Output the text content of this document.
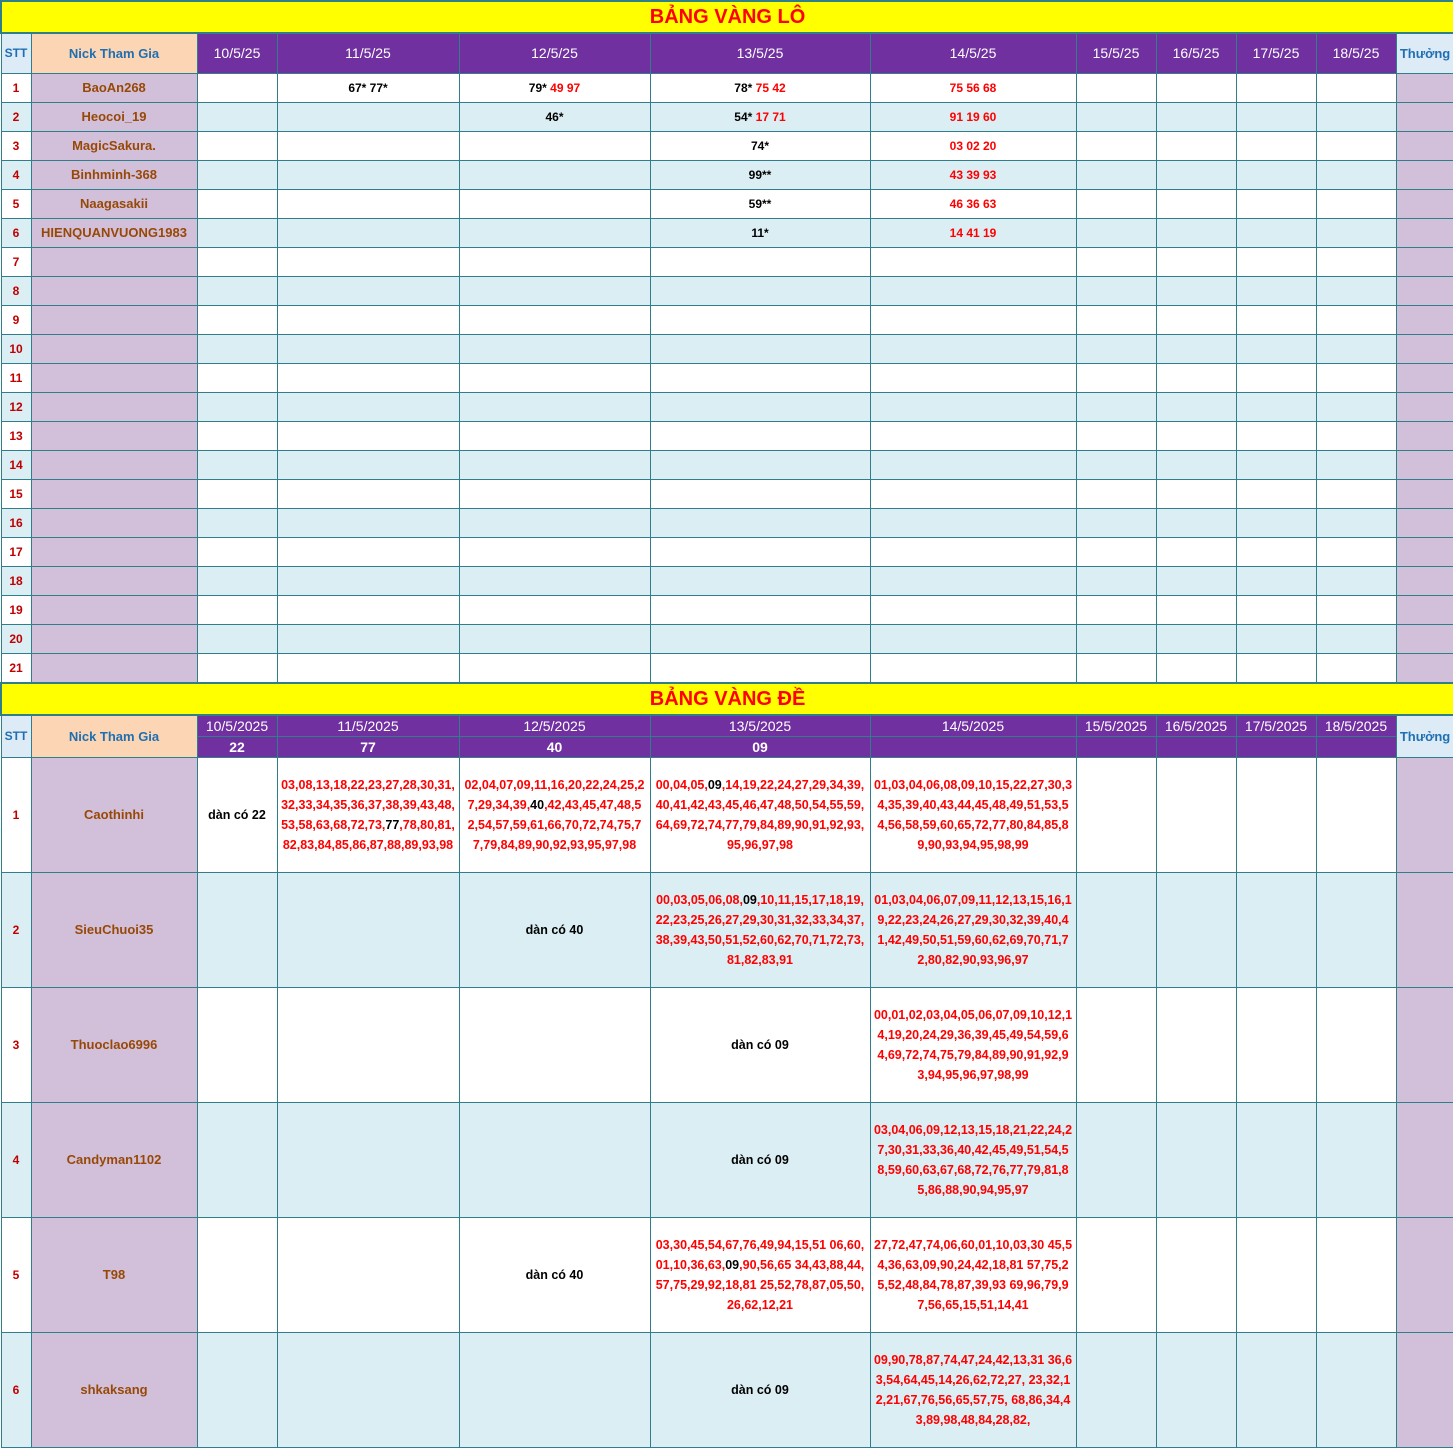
BẢNG VÀNG LÔ											
STT	Nick Tham Gia	10/5/25	11/5/25	12/5/25	13/5/25	14/5/25	15/5/25	16/5/25	17/5/25	18/5/25	Thưởng
1	BaoAn268		67* 77*	79* 49 97	78* 75 42	75 56 68					

2	Heocoi_19			46*	54* 17 71	91 19 60					

3	MagicSakura.				74*	03 02 20					

4	Binhminh-368				99**	43 39 93					

5	Naagasakii				59**	46 36 63					

6	HIENQUANVUONG1983				11*	14 41 19					

7											
8											
9											
10											
11											
12											
13											
14											
15											
16											
17											
18											
19											
20											
21											
BẢNG VÀNG ĐỀ											
STT	Nick Tham Gia	10/5/2025	11/5/2025	12/5/2025	13/5/2025	14/5/2025	15/5/2025	16/5/2025	17/5/2025	18/5/2025	Thưởng
		22	77	40	09						
1	Caothinhi	dàn có 22	03,08,13,18,22,23,27,28,30,31,32,33,34,35,36,37,38,39,43,48,53,58,63,68,72,73,77,78,80,81,82,83,84,85,86,87,88,89,93,98	02,04,07,09,11,16,20,22,24,25,27,29,34,39,40,42,43,45,47,48,52,54,57,59,61,66,70,72,74,75,77,79,84,89,90,92,93,95,97,98	00,04,05,09,14,19,22,24,27,29,34,39,40,41,42,43,45,46,47,48,50,54,55,59,64,69,72,74,77,79,84,89,90,91,92,93,95,96,97,98	01,03,04,06,08,09,10,15,22,27,30,34,35,39,40,43,44,45,48,49,51,53,54,56,58,59,60,65,72,77,80,84,85,89,90,93,94,95,98,99					

2	SieuChuoi35			dàn có 40	00,03,05,06,08,09,10,11,15,17,18,19,22,23,25,26,27,29,30,31,32,33,34,37,38,39,43,50,51,52,60,62,70,71,72,73,81,82,83,91	01,03,04,06,07,09,11,12,13,15,16,19,22,23,24,26,27,29,30,32,39,40,41,42,49,50,51,59,60,62,69,70,71,72,80,82,90,93,96,97					

3	Thuoclao6996				dàn có 09	00,01,02,03,04,05,06,07,09,10,12,14,19,20,24,29,36,39,45,49,54,59,64,69,72,74,75,79,84,89,90,91,92,93,94,95,96,97,98,99					

4	Candyman1102				dàn có 09	03,04,06,09,12,13,15,18,21,22,24,27,30,31,33,36,40,42,45,49,51,54,58,59,60,63,67,68,72,76,77,79,81,85,86,88,90,94,95,97					

5	T98			dàn có 40	03,30,45,54,67,76,49,94,15,51 06,60,01,10,36,63,09,90,56,65 34,43,88,44,57,75,29,92,18,81 25,52,78,87,05,50,26,62,12,21	27,72,47,74,06,60,01,10,03,30 45,54,36,63,09,90,24,42,18,81 57,75,25,52,48,84,78,87,39,93 69,96,79,97,56,65,15,51,14,41					

6	shkaksang				dàn có 09	09,90,78,87,74,47,24,42,13,31 36,63,54,64,45,14,26,62,72,27, 23,32,12,21,67,76,56,65,57,75, 68,86,34,43,89,98,48,84,28,82,					
